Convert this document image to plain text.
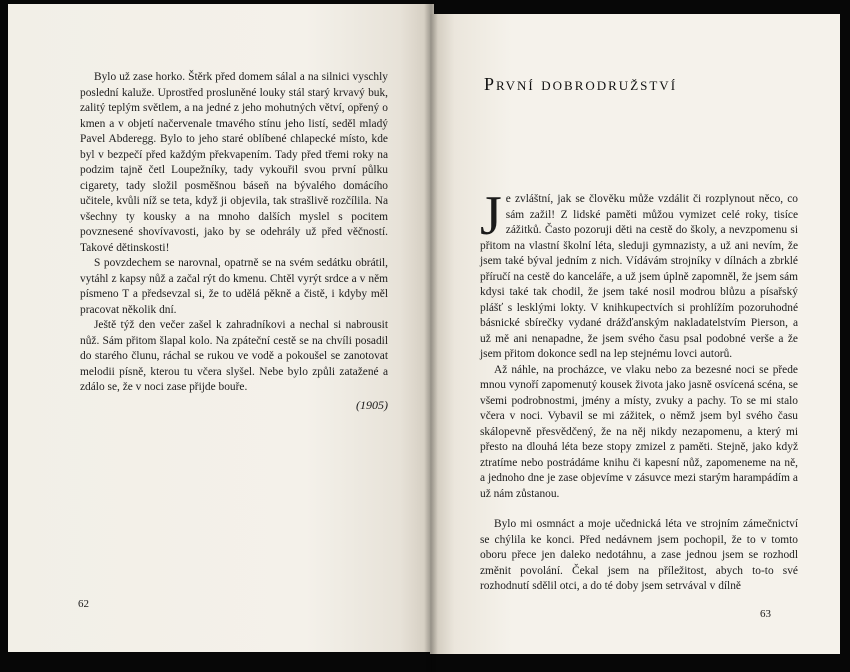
Bylo už zase horko. Štěrk před domem sálal a na silnici vyschly poslední kaluže. Uprostřed prosluněné louky stál starý krvavý buk, zalitý teplým světlem, a na jedné z jeho mohutných větví, opřený o kmen a v objetí načervenale tmavého stínu jeho listí, seděl mladý Pavel Abderegg. Bylo to jeho staré oblíbené chlapecké místo, kde byl v bezpečí před každým překvapením. Tady před třemi roky na podzim tajně četl Loupežníky, tady vykouřil svou první půlku cigarety, tady složil posměšnou báseň na bývalého domácího učitele, kvůli níž se teta, když ji objevila, tak strašlivě rozčílila. Na všechny ty kousky a na mnoho dalších myslel s pocitem povznesené shovívavosti, jako by se odehrály už před věčností. Takové dětinskosti!

S povzdechem se narovnal, opatrně se na svém sedátku obrátil, vytáhl z kapsy nůž a začal rýt do kmenu. Chtěl vyrýt srdce a v něm písmeno T a předsevzal si, že to udělá pěkně a čistě, i kdyby měl pracovat několik dní.

Ještě týž den večer zašel k zahradníkovi a nechal si nabrousit nůž. Sám přitom šlapal kolo. Na zpáteční cestě se na chvíli posadil do starého člunu, ráchal se rukou ve vodě a pokoušel se zanotovat melodii písně, kterou tu včera slyšel. Nebe bylo způli zatažené a zdálo se, že v noci zase přijde bouře.

(1905)
62
První dobrodružství
J e zvláštní, jak se člověku může vzdálit či rozplynout něco, co sám zažil! Z lidské paměti můžou vymizet celé roky, tisíce zážitků. Často pozoruji děti na cestě do školy, a nevzpomenu si přitom na vlastní školní léta, sleduji gymnazisty, a už ani nevím, že jsem také býval jedním z nich. Vídávám strojníky v dílnách a zbrklé příručí na cestě do kanceláře, a už jsem úplně zapomněl, že jsem sám kdysi také tak chodil, že jsem také nosil modrou blůzu a písařský plášť s lesklými lokty. V knihkupectvích si prohlížím pozoruhodné básnické sbírečky vydané drážďanským nakladatelstvím Pierson, a už mě ani nenapadne, že jsem svého času psal podobné verše a že jsem přitom dokonce sedl na lep stejnému lovci autorů.

Až náhle, na procházce, ve vlaku nebo za bezesné noci se přede mnou vynoří zapomenutý kousek života jako jasně osvícená scéna, se všemi podrobnostmi, jmény a místy, zvuky a pachy. To se mi stalo včera v noci. Vybavil se mi zážitek, o němž jsem byl svého času skálopevně přesvědčený, že na něj nikdy nezapomenu, a který mi přesto na dlouhá léta beze stopy zmizel z paměti. Stejně, jako když ztratíme nebo postrádáme knihu či kapesní nůž, zapomeneme na ně, a jednoho dne je zase objevíme v zásuvce mezi starým harampádím a už nám zůstanou.

Bylo mi osmnáct a moje učednická léta ve strojním zámečnictví se chýlila ke konci. Před nedávnem jsem pochopil, že to v tomto oboru přece jen daleko nedotáhnu, a zase jednou jsem se rozhodl změnit povolání. Čekal jsem na příležitost, abych to-to své rozhodnutí sdělil otci, a do té doby jsem setrvával v dílně

63
